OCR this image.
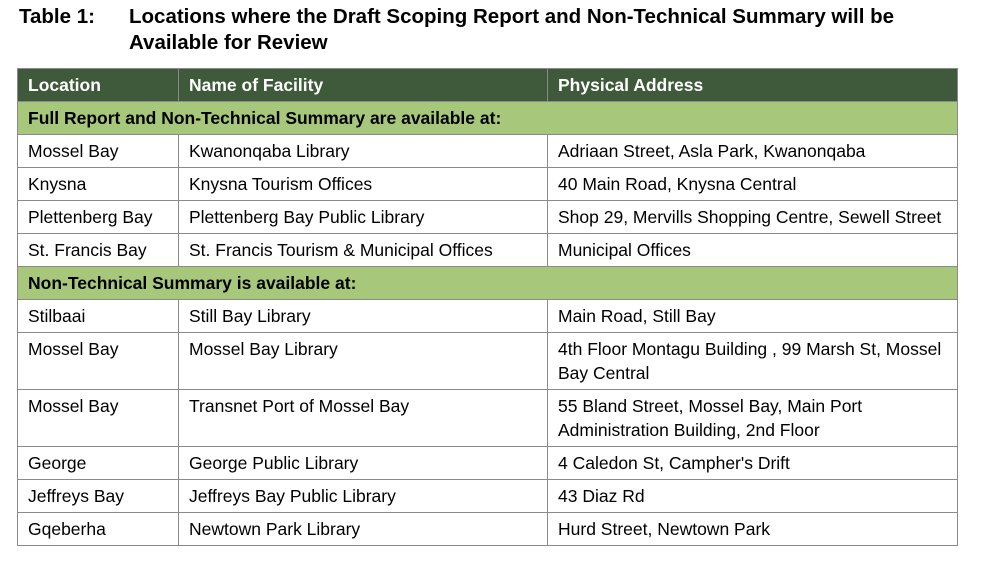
Table 1:	Locations where the Draft Scoping Report and Non-Technical Summary will be Available for Review
Location	Name of Facility	Physical Address
Full Report and Non-Technical Summary are available at:		
Mossel Bay	Kwanonqaba Library	Adriaan Street, Asla Park, Kwanonqaba
Knysna	Knysna Tourism Offices	40 Main Road, Knysna Central
Plettenberg Bay	Plettenberg Bay Public Library	Shop 29, Mervills Shopping Centre, Sewell Street
St. Francis Bay	St. Francis Tourism & Municipal Offices	Municipal Offices
Non-Technical Summary is available at:		
Stilbaai	Still Bay Library	Main Road, Still Bay
Mossel Bay	Mossel Bay Library	4th Floor Montagu Building , 99 Marsh St, Mossel Bay Central
Mossel Bay	Transnet Port of Mossel Bay	55 Bland Street, Mossel Bay, Main Port Administration Building, 2nd Floor
George	George Public Library	4 Caledon St, Campher's Drift
Jeffreys Bay	Jeffreys Bay Public Library	43 Diaz Rd
Gqeberha	Newtown Park Library	Hurd Street, Newtown Park
